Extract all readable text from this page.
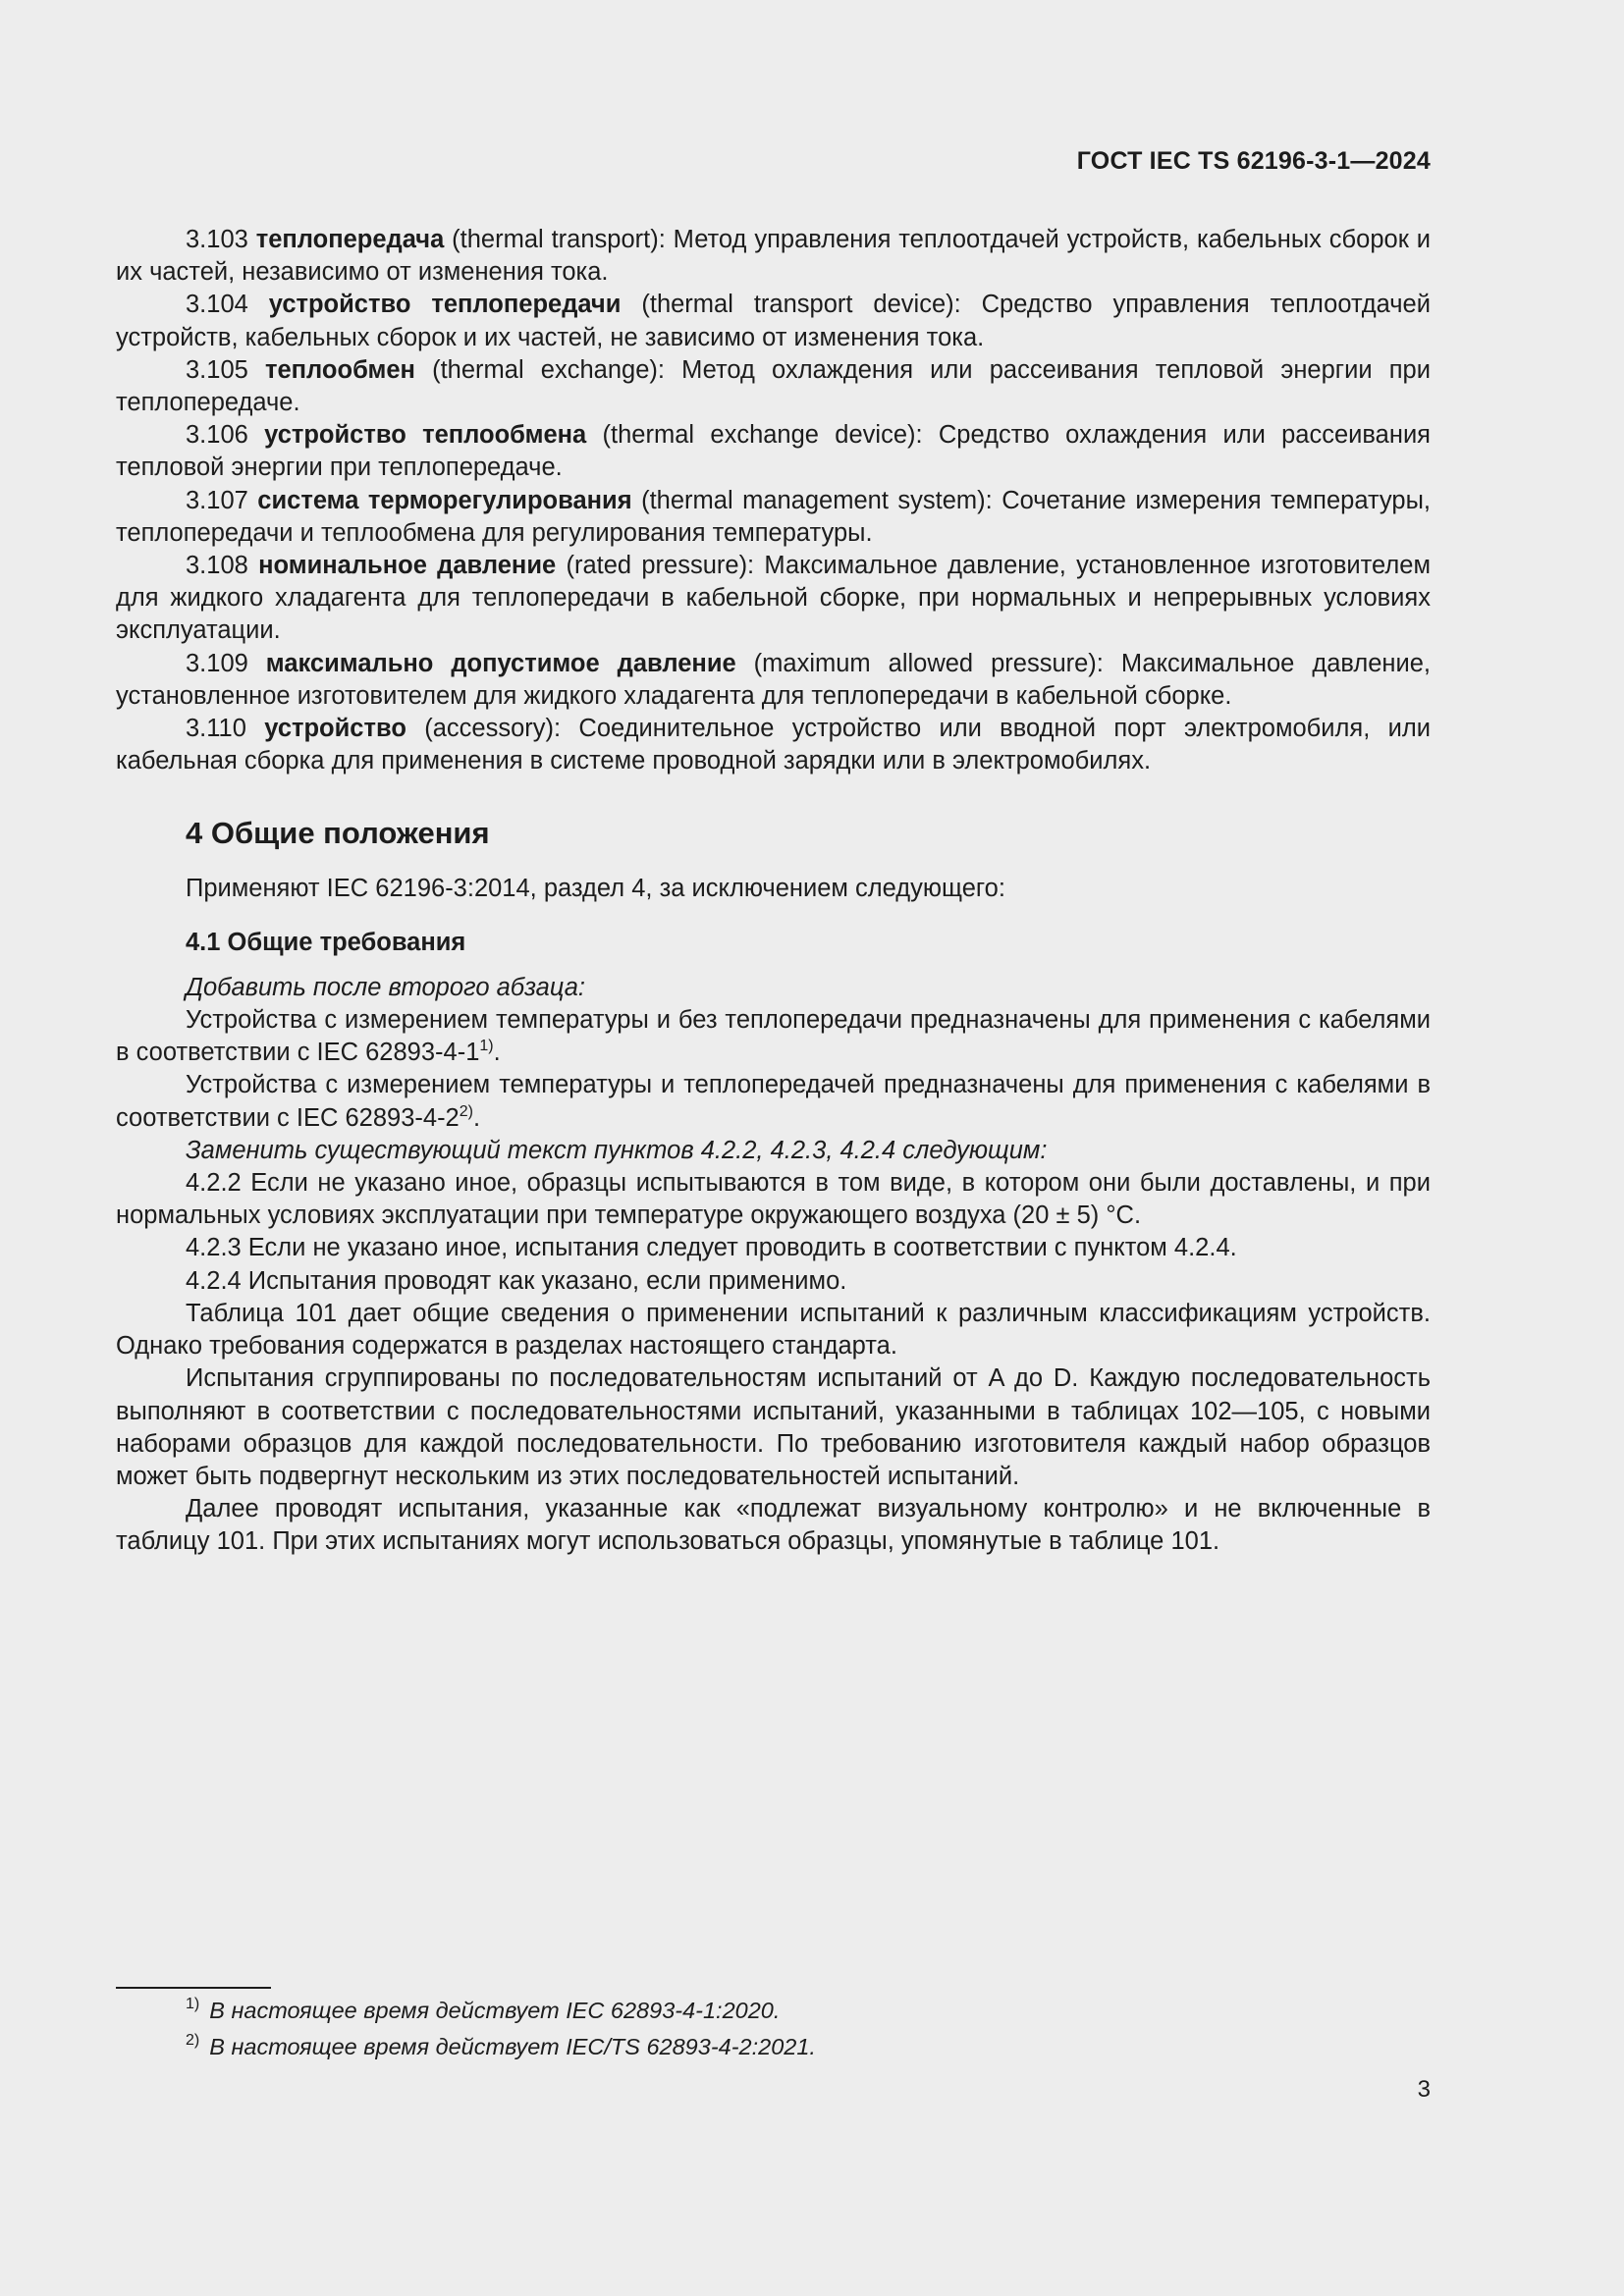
ГОСТ IEC TS 62196-3-1—2024

3.103 теплопередача (thermal transport): Метод управления теплоотдачей устройств, кабельных сборок и их частей, независимо от изменения тока.

3.104 устройство теплопередачи (thermal transport device): Средство управления теплоотдачей устройств, кабельных сборок и их частей, не зависимо от изменения тока.

3.105 теплообмен (thermal exchange): Метод охлаждения или рассеивания тепловой энергии при теплопередаче.

3.106 устройство теплообмена (thermal exchange device): Средство охлаждения или рассеивания тепловой энергии при теплопередаче.

3.107 система терморегулирования (thermal management system): Сочетание измерения температуры, теплопередачи и теплообмена для регулирования температуры.

3.108 номинальное давление (rated pressure): Максимальное давление, установленное изготовителем для жидкого хладагента для теплопередачи в кабельной сборке, при нормальных и непрерывных условиях эксплуатации.

3.109 максимально допустимое давление (maximum allowed pressure): Максимальное давление, установленное изготовителем для жидкого хладагента для теплопередачи в кабельной сборке.

3.110 устройство (accessory): Соединительное устройство или вводной порт электромобиля, или кабельная сборка для применения в системе проводной зарядки или в электромобилях.

4 Общие положения
Применяют IEC 62196-3:2014, раздел 4, за исключением следующего:
4.1 Общие требования

Добавить после второго абзаца:

Устройства с измерением температуры и без теплопередачи предназначены для применения с кабелями в соответствии с IEC 62893-4-1$^{1)}$.

Устройства с измерением температуры и теплопередачей предназначены для применения с кабелями в соответствии с IEC 62893-4-2$^{2)}$.

Заменить существующий текст пунктов 4.2.2, 4.2.3, 4.2.4 следующим:

4.2.2 Если не указано иное, образцы испытываются в том виде, в котором они были доставлены, и при нормальных условиях эксплуатации при температуре окружающего воздуха (20 ± 5) °С.

4.2.3 Если не указано иное, испытания следует проводить в соответствии с пунктом 4.2.4.

4.2.4 Испытания проводят как указано, если применимо.

Таблица 101 дает общие сведения о применении испытаний к различным классификациям устройств. Однако требования содержатся в разделах настоящего стандарта.

Испытания сгруппированы по последовательностям испытаний от A до D. Каждую последовательность выполняют в соответствии с последовательностями испытаний, указанными в таблицах 102—105, с новыми наборами образцов для каждой последовательности. По требованию изготовителя каждый набор образцов может быть подвергнут нескольким из этих последовательностей испытаний.

Далее проводят испытания, указанные как «подлежат визуальному контролю» и не включенные в таблицу 101. При этих испытаниях могут использоваться образцы, упомянутые в таблице 101.

$^{1)}$ В настоящее время действует IEC 62893-4-1:2020.
$^{2)}$ В настоящее время действует IEC/TS 62893-4-2:2021.
3
